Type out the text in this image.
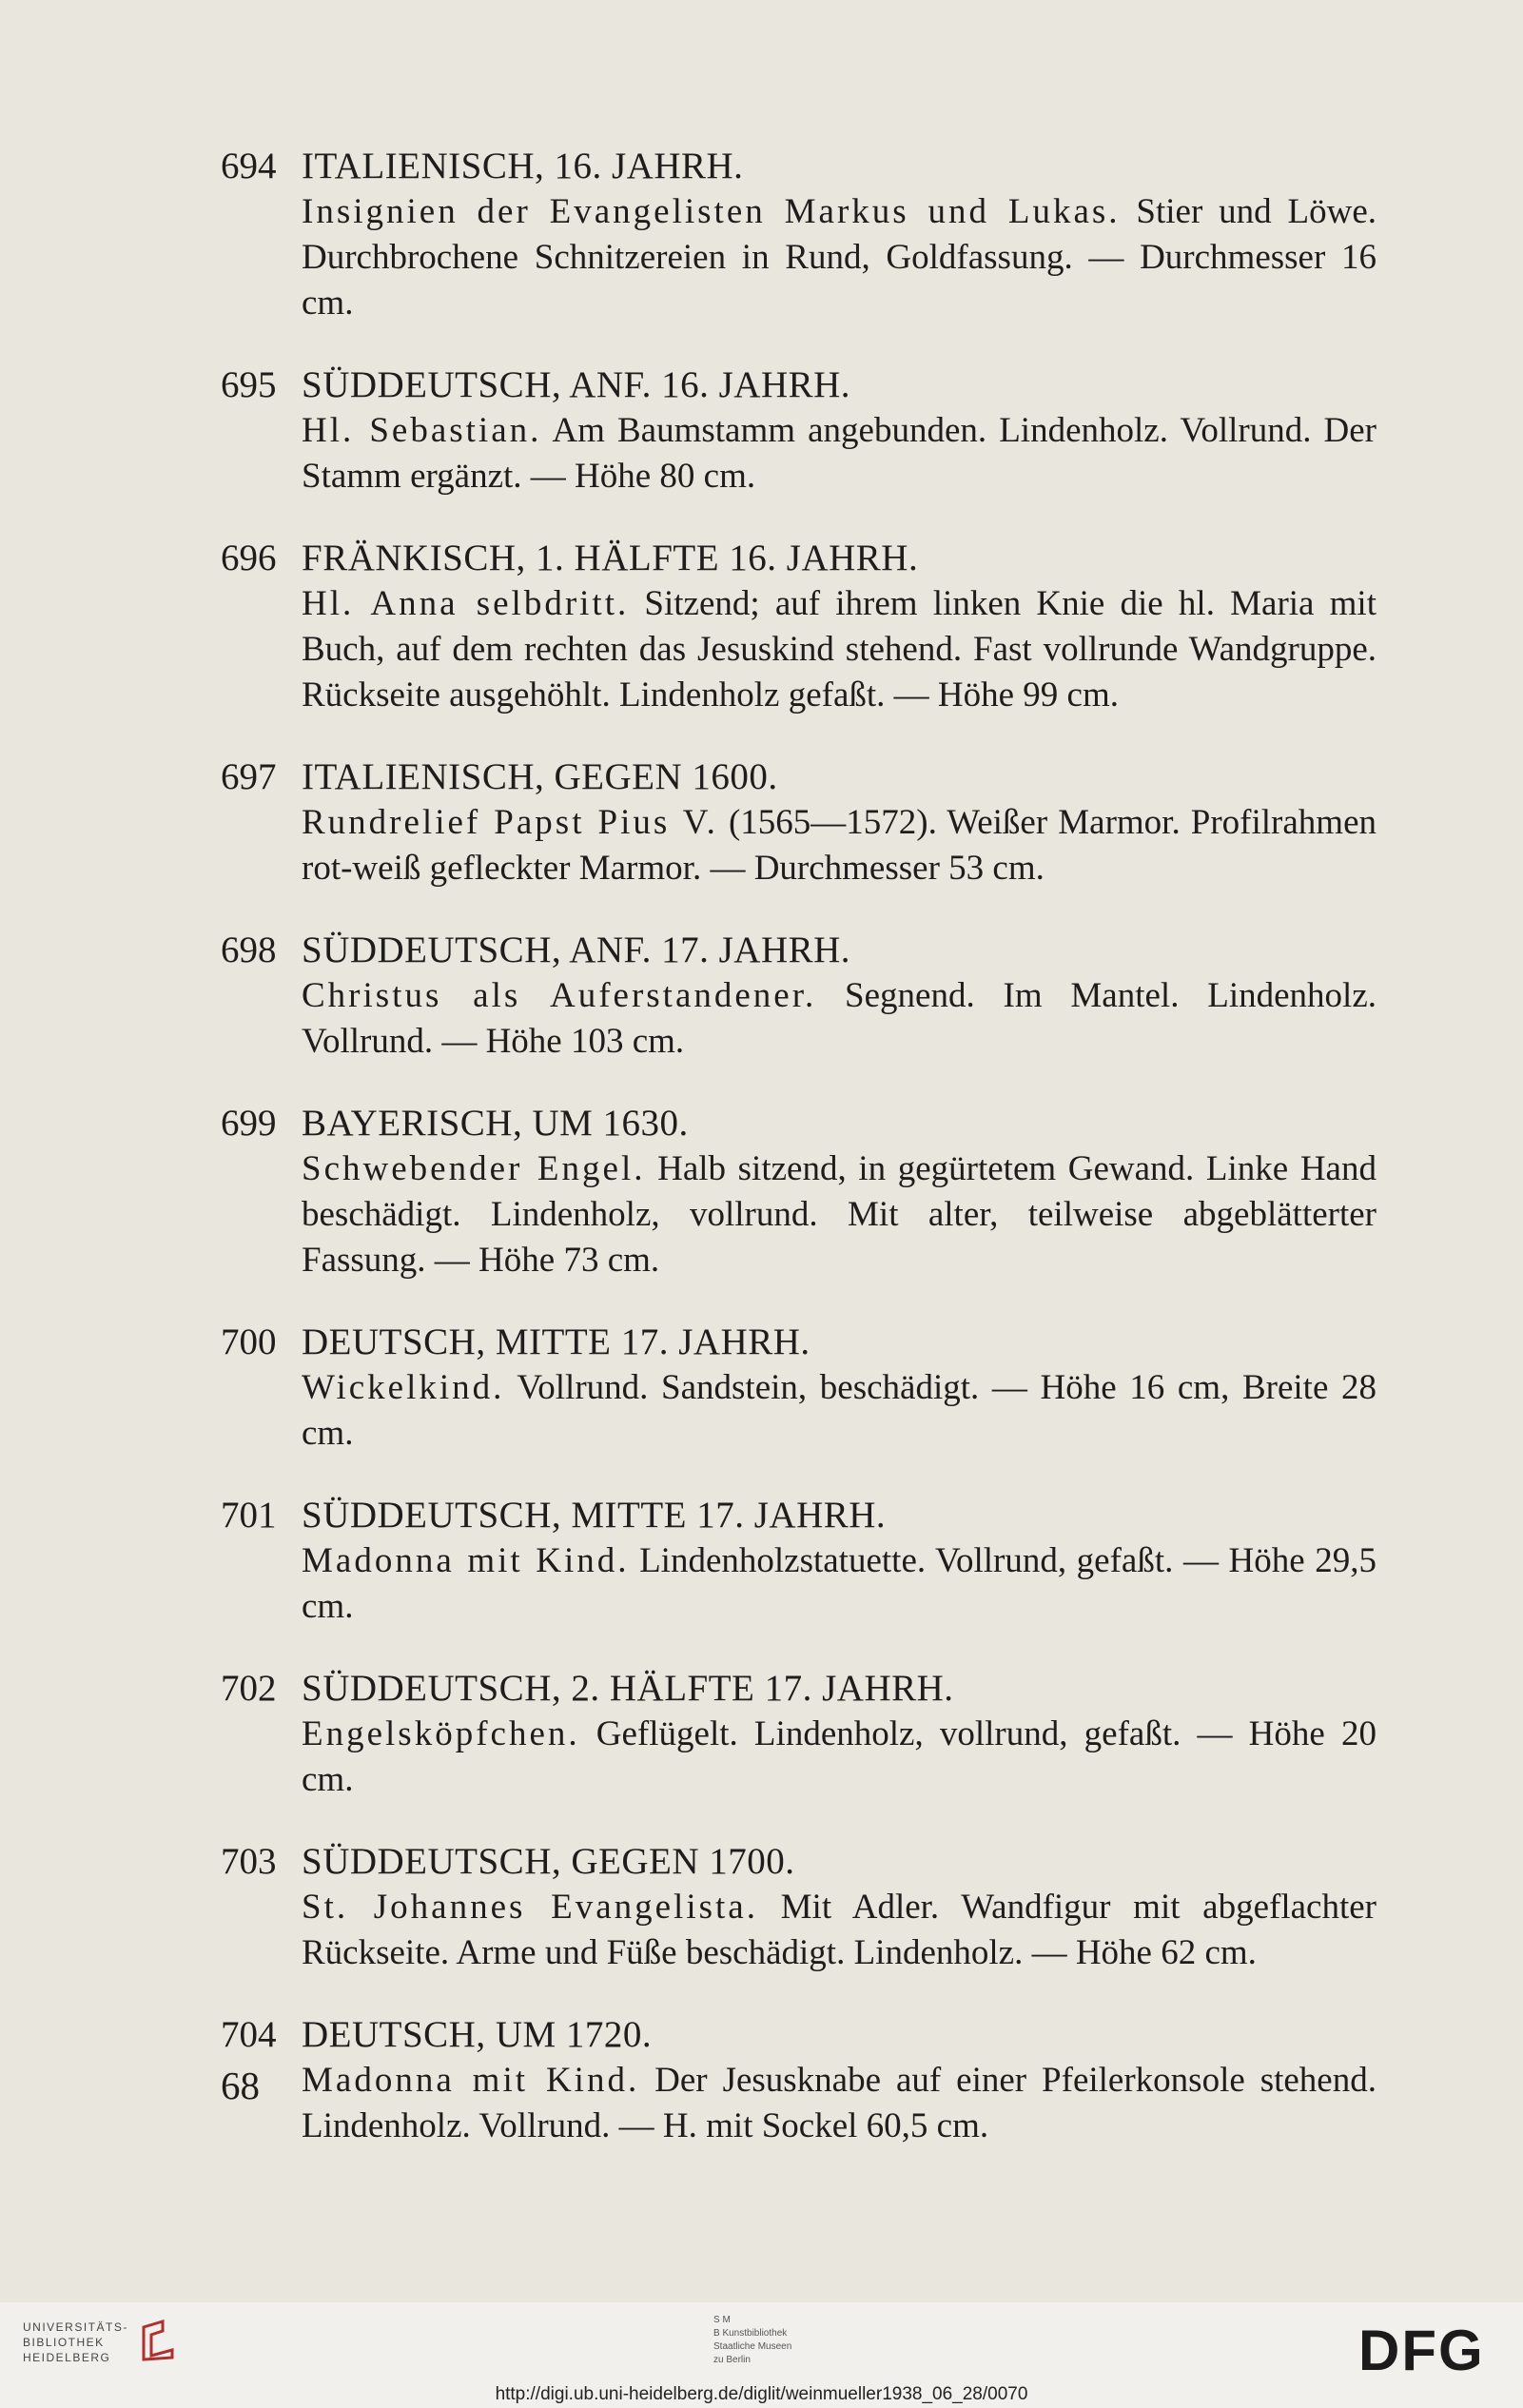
694 ITALIENISCH, 16. JAHRH.
Insignien der Evangelisten Markus und Lukas. Stier und Löwe. Durchbrochene Schnitzereien in Rund, Goldfassung. — Durchmesser 16 cm.
695 SÜDDEUTSCH, ANF. 16. JAHRH.
Hl. Sebastian. Am Baumstamm angebunden. Lindenholz. Vollrund. Der Stamm ergänzt. — Höhe 80 cm.
696 FRÄNKISCH, 1. HÄLFTE 16. JAHRH.
Hl. Anna selbdritt. Sitzend; auf ihrem linken Knie die hl. Maria mit Buch, auf dem rechten das Jesuskind stehend. Fast vollrunde Wandgruppe. Rückseite ausgehöhlt. Lindenholz gefaßt. — Höhe 99 cm.
697 ITALIENISCH, GEGEN 1600.
Rundrelief Papst Pius V. (1565—1572). Weißer Marmor. Profilrahmen rot-weiß gefleckter Marmor. — Durchmesser 53 cm.
698 SÜDDEUTSCH, ANF. 17. JAHRH.
Christus als Auferstandener. Segnend. Im Mantel. Lindenholz. Vollrund. — Höhe 103 cm.
699 BAYERISCH, UM 1630.
Schwebender Engel. Halb sitzend, in gegürtetem Gewand. Linke Hand beschädigt. Lindenholz, vollrund. Mit alter, teilweise abgeblätterter Fassung. — Höhe 73 cm.
700 DEUTSCH, MITTE 17. JAHRH.
Wickelkind. Vollrund. Sandstein, beschädigt. — Höhe 16 cm, Breite 28 cm.
701 SÜDDEUTSCH, MITTE 17. JAHRH.
Madonna mit Kind. Lindenholzstatuette. Vollrund, gefaßt. — Höhe 29,5 cm.
702 SÜDDEUTSCH, 2. HÄLFTE 17. JAHRH.
Engelsköpfchen. Geflügelt. Lindenholz, vollrund, gefaßt. — Höhe 20 cm.
703 SÜDDEUTSCH, GEGEN 1700.
St. Johannes Evangelista. Mit Adler. Wandfigur mit abgeflachter Rückseite. Arme und Füße beschädigt. Lindenholz. — Höhe 62 cm.
704 DEUTSCH, UM 1720.
Madonna mit Kind. Der Jesusknabe auf einer Pfeilerkonsole stehend. Lindenholz. Vollrund. — H. mit Sockel 60,5 cm.
68
UNIVERSITÄTS-
BIBLIOTHEK
HEIDELBERG
S M
B Kunstbibliothek
Staatliche Museen
zu Berlin	DFG
http://digi.ub.uni-heidelberg.de/diglit/weinmueller1938_06_28/0070
